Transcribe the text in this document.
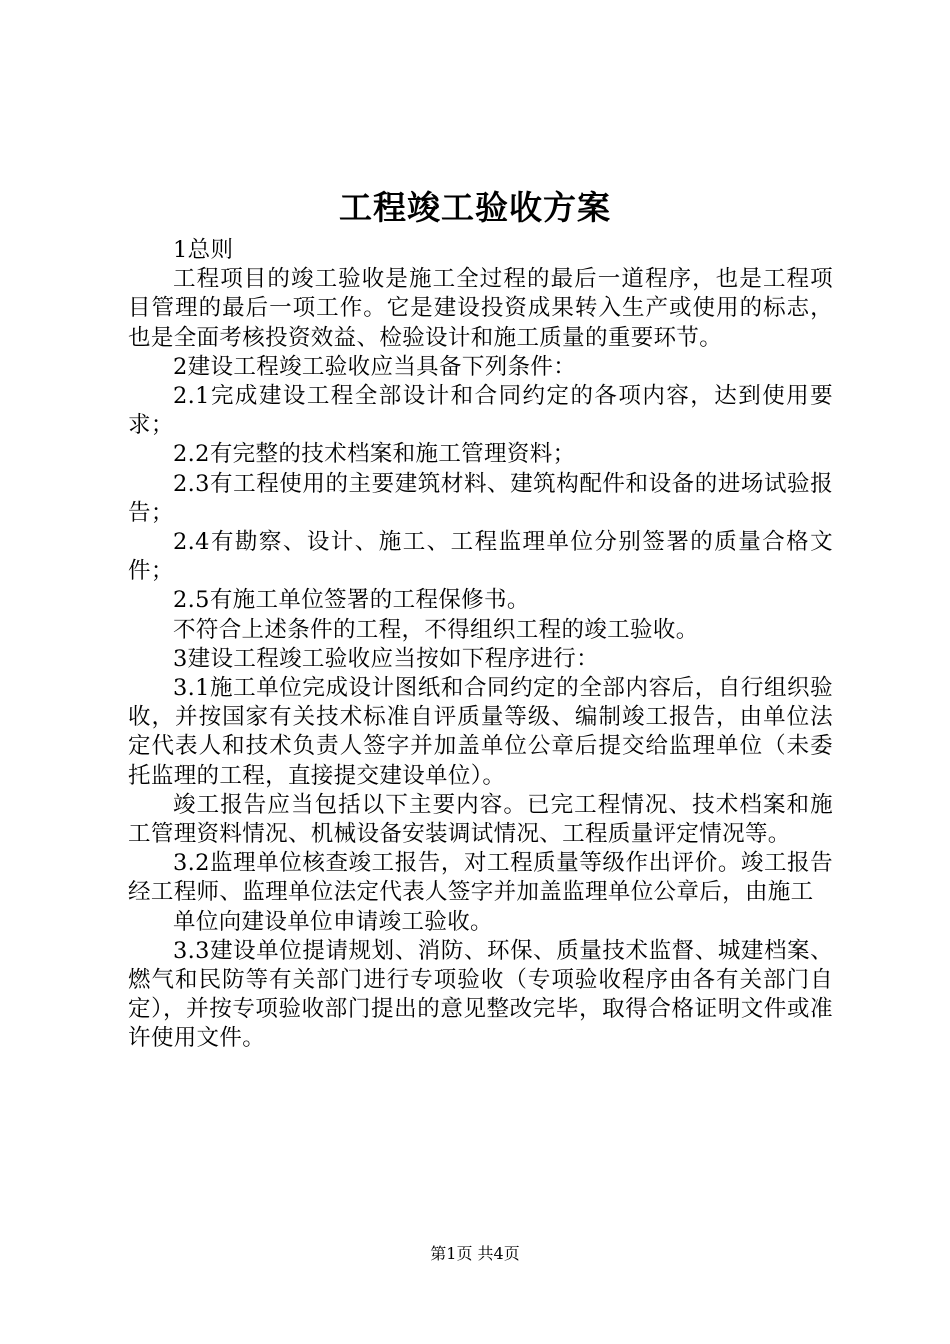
工程竣工验收方案

1总则

工程项目的竣工验收是施工全过程的最后一道程序，也是工程项目管理的最后一项工作。它是建设投资成果转入生产或使用的标志，也是全面考核投资效益、检验设计和施工质量的重要环节。

2建设工程竣工验收应当具备下列条件：

2.1完成建设工程全部设计和合同约定的各项内容，达到使用要求；

2.2有完整的技术档案和施工管理资料；

2.3有工程使用的主要建筑材料、建筑构配件和设备的进场试验报告；

2.4有勘察、设计、施工、工程监理单位分别签署的质量合格文件；

2.5有施工单位签署的工程保修书。

不符合上述条件的工程，不得组织工程的竣工验收。

3建设工程竣工验收应当按如下程序进行：

3.1施工单位完成设计图纸和合同约定的全部内容后，自行组织验收，并按国家有关技术标准自评质量等级、编制竣工报告，由单位法定代表人和技术负责人签字并加盖单位公章后提交给监理单位（未委托监理的工程，直接提交建设单位）。

竣工报告应当包括以下主要内容。已完工程情况、技术档案和施工管理资料情况、机械设备安装调试情况、工程质量评定情况等。

3.2监理单位核查竣工报告，对工程质量等级作出评价。竣工报告经工程师、监理单位法定代表人签字并加盖监理单位公章后，由施工

单位向建设单位申请竣工验收。

3.3建设单位提请规划、消防、环保、质量技术监督、城建档案、燃气和民防等有关部门进行专项验收（专项验收程序由各有关部门自定），并按专项验收部门提出的意见整改完毕，取得合格证明文件或准许使用文件。

第1页 共4页
